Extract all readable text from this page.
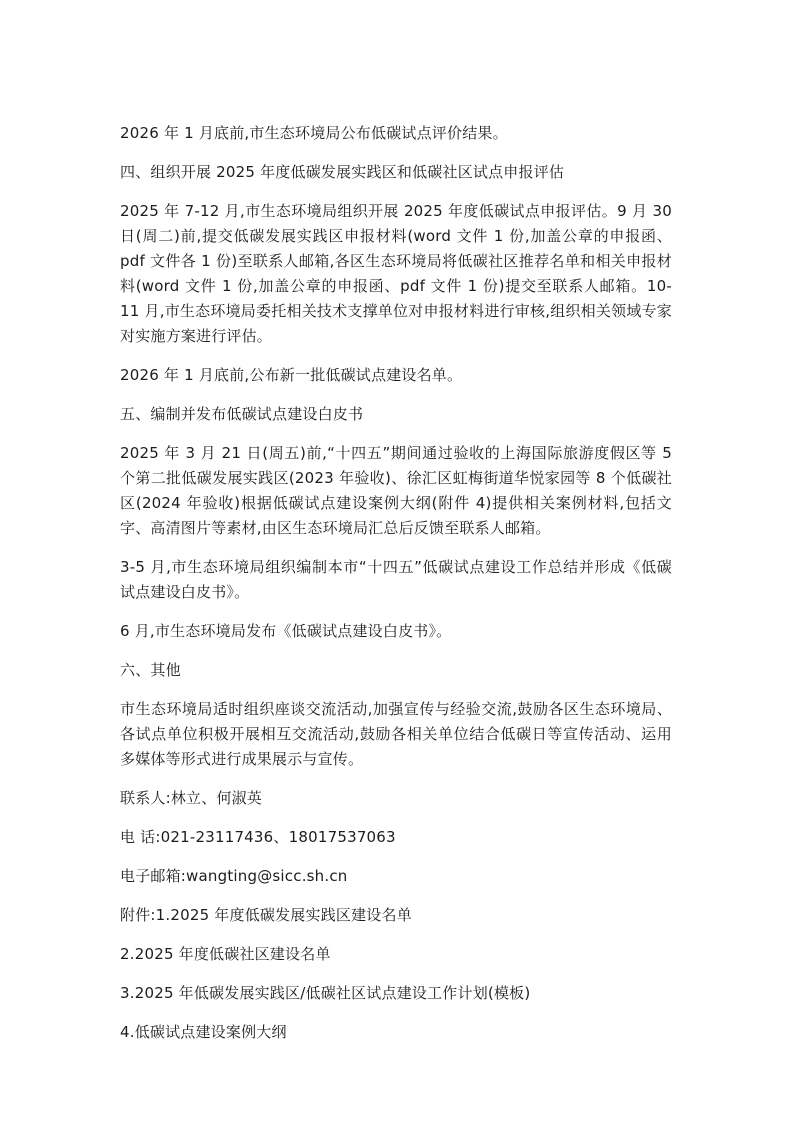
2026 年 1 月底前,市生态环境局公布低碳试点评价结果。

四、组织开展 2025 年度低碳发展实践区和低碳社区试点申报评估

2025 年 7-12 月,市生态环境局组织开展 2025 年度低碳试点申报评估。9 月 30 日(周二)前,提交低碳发展实践区申报材料(word 文件 1 份,加盖公章的申报函、pdf 文件各 1 份)至联系人邮箱,各区生态环境局将低碳社区推荐名单和相关申报材料(word 文件 1 份,加盖公章的申报函、pdf 文件 1 份)提交至联系人邮箱。10-11 月,市生态环境局委托相关技术支撑单位对申报材料进行审核,组织相关领域专家对实施方案进行评估。

2026 年 1 月底前,公布新一批低碳试点建设名单。

五、编制并发布低碳试点建设白皮书

2025 年 3 月 21 日(周五)前,“十四五”期间通过验收的上海国际旅游度假区等 5 个第二批低碳发展实践区(2023 年验收)、徐汇区虹梅街道华悦家园等 8 个低碳社区(2024 年验收)根据低碳试点建设案例大纲(附件 4)提供相关案例材料,包括文字、高清图片等素材,由区生态环境局汇总后反馈至联系人邮箱。

3-5 月,市生态环境局组织编制本市“十四五”低碳试点建设工作总结并形成《低碳试点建设白皮书》。

6 月,市生态环境局发布《低碳试点建设白皮书》。

六、其他

市生态环境局适时组织座谈交流活动,加强宣传与经验交流,鼓励各区生态环境局、各试点单位积极开展相互交流活动,鼓励各相关单位结合低碳日等宣传活动、运用多媒体等形式进行成果展示与宣传。

联系人:林立、何淑英

电 话:021-23117436、18017537063

电子邮箱:wangting@sicc.sh.cn

附件:1.2025 年度低碳发展实践区建设名单

2.2025 年度低碳社区建设名单

3.2025 年低碳发展实践区/低碳社区试点建设工作计划(模板)

4.低碳试点建设案例大纲
